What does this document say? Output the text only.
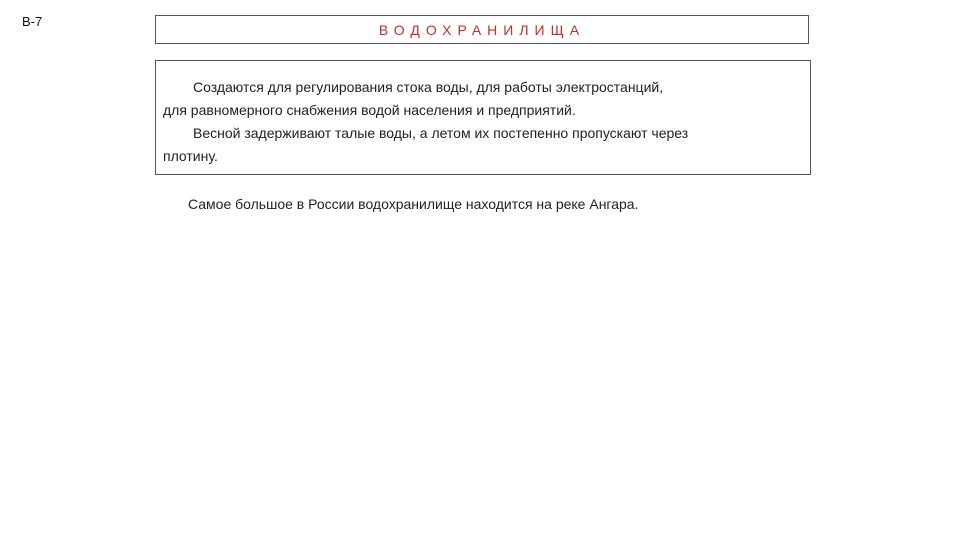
В-7	ВОДОХРАНИЛИЩА

Создаются для регулирования стока воды, для работы электростанций,

для равномерного снабжения водой населения и предприятий.

Весной задерживают талые воды, а летом их постепенно пропускают через

плотину.

Самое большое в России водохранилище находится на реке Ангара.
